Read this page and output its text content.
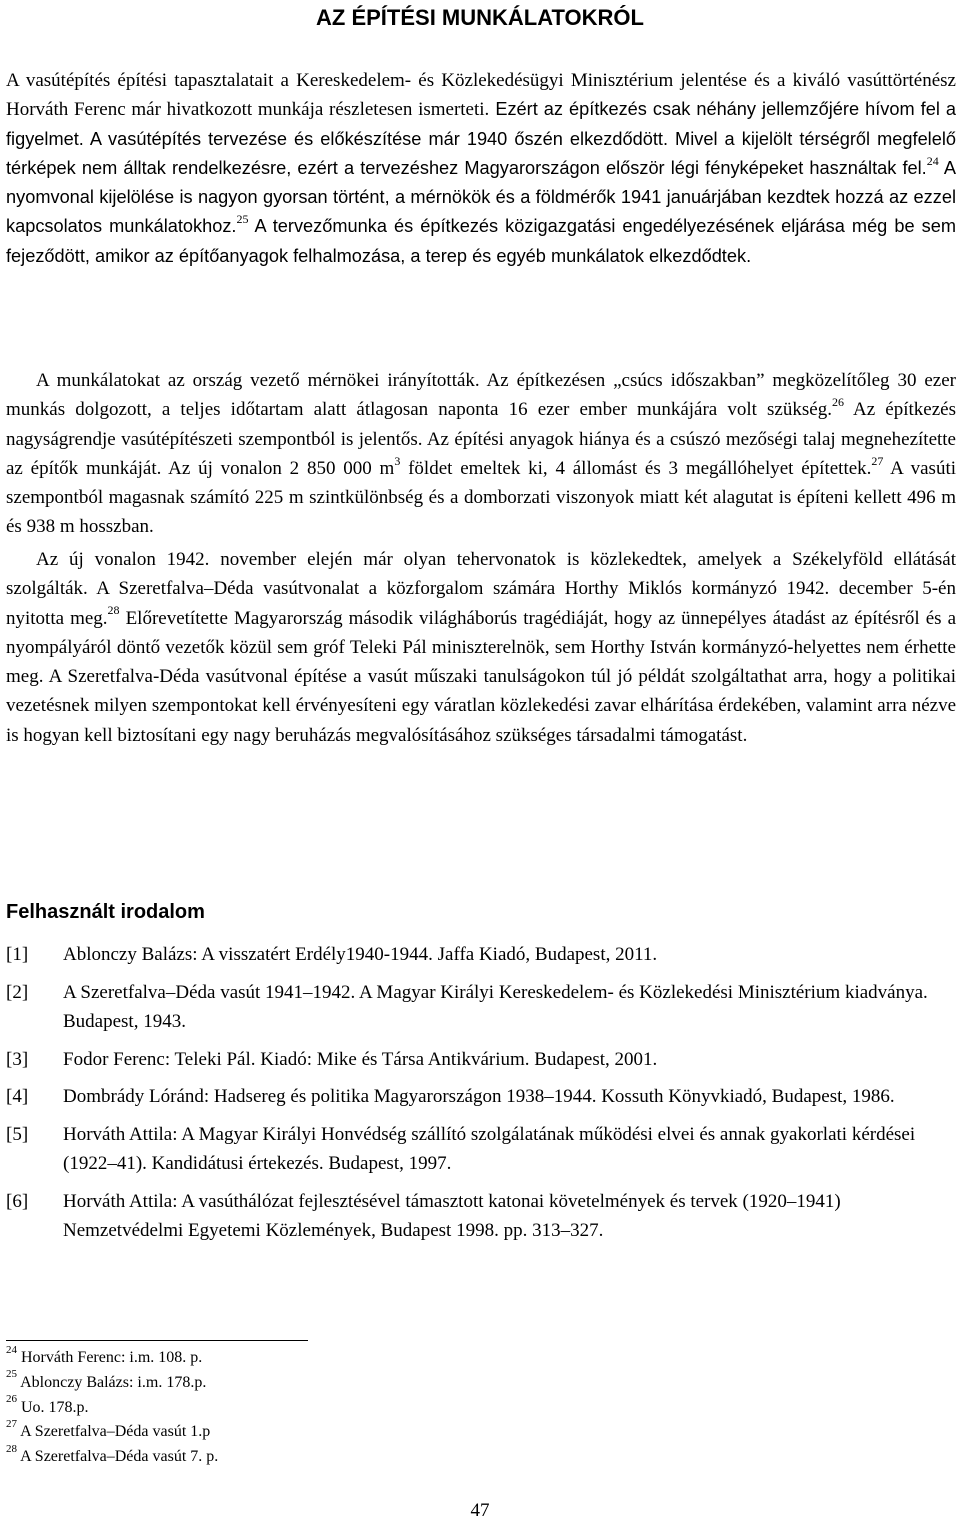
AZ ÉPÍTÉSI MUNKÁLATOKRÓL

A vasútépítés építési tapasztalatait a Kereskedelem- és Közlekedésügyi Minisztérium jelentése és a kiváló vasúttörténész Horváth Ferenc már hivatkozott munkája részletesen ismerteti. Ezért az építkezés csak néhány jellemzőjére hívom fel a figyelmet. A vasútépítés tervezése és előkészítése már 1940 őszén elkezdődött. Mivel a kijelölt térségről megfelelő térképek nem álltak rendelkezésre, ezért a tervezéshez Magyarországon először légi fényképeket használtak fel.$^{24}$ A nyomvonal kijelölése is nagyon gyorsan történt, a mérnökök és a földmérők 1941 januárjában kezdtek hozzá az ezzel kapcsolatos munkálatokhoz.$^{25}$ A tervezőmunka és építkezés közigazgatási engedélyezésének eljárása még be sem fejeződött, amikor az építőanyagok felhalmozása, a terep és egyéb munkálatok elkezdődtek.

A munkálatokat az ország vezető mérnökei irányították. Az építkezésen „csúcs időszakban” megközelítőleg 30 ezer munkás dolgozott, a teljes időtartam alatt átlagosan naponta 16 ezer ember munkájára volt szükség.$^{26}$ Az építkezés nagyságrendje vasútépítészeti szempontból is jelentős. Az építési anyagok hiánya és a csúszó mezőségi talaj megnehezítette az építők munkáját. Az új vonalon 2 850 000 $m^3$ földet emeltek ki, 4 állomást és 3 megállóhelyet építettek.$^{27}$ A vasúti szempontból magasnak számító 225 m szintkülönbség és a domborzati viszonyok miatt két alagutat is építeni kellett 496 m és 938 m hosszban.

Az új vonalon 1942. november elején már olyan tehervonatok is közlekedtek, amelyek a Székelyföld ellátását szolgálták. A Szeretfalva–Déda vasútvonalat a közforgalom számára Horthy Miklós kormányzó 1942. december 5-én nyitotta meg.$^{28}$ Előrevetítette Magyarország második világháborús tragédiáját, hogy az ünnepélyes átadást az építésről és a nyompályáról döntő vezetők közül sem gróf Teleki Pál miniszterelnök, sem Horthy István kormányzó-helyettes nem érhette meg. A Szeretfalva-Déda vasútvonal építése a vasút műszaki tanulságokon túl jó példát szolgáltathat arra, hogy a politikai vezetésnek milyen szempontokat kell érvényesíteni egy váratlan közlekedési zavar elhárítása érdekében, valamint arra nézve is hogyan kell biztosítani egy nagy beruházás megvalósításához szükséges társadalmi támogatást.

Felhasznált irodalom
[1] Ablonczy Balázs: A visszatért Erdély1940-1944. Jaffa Kiadó, Budapest, 2011.
[2] A Szeretfalva–Déda vasút 1941–1942. A Magyar Királyi Kereskedelem- és Közlekedési Minisztérium kiadványa. Budapest, 1943.
[3] Fodor Ferenc: Teleki Pál. Kiadó: Mike és Társa Antikvárium. Budapest, 2001.
[4] Dombrády Lóránd: Hadsereg és politika Magyarországon 1938–1944. Kossuth Könyvkiadó, Budapest, 1986.
[5] Horváth Attila: A Magyar Királyi Honvédség szállító szolgálatának működési elvei és annak gyakorlati kérdései (1922–41). Kandidátusi értekezés. Budapest, 1997.
[6] Horváth Attila: A vasúthálózat fejlesztésével támasztott katonai követelmények és tervek (1920–1941) Nemzetvédelmi Egyetemi Közlemények, Budapest 1998. pp. 313–327.
$^{24}$ Horváth Ferenc: i.m. 108. p.
$^{25}$ Ablonczy Balázs: i.m. 178.p.
$^{26}$ Uo. 178.p.
$^{27}$ A Szeretfalva–Déda vasút 1.p
$^{28}$ A Szeretfalva–Déda vasút 7. p.
47
